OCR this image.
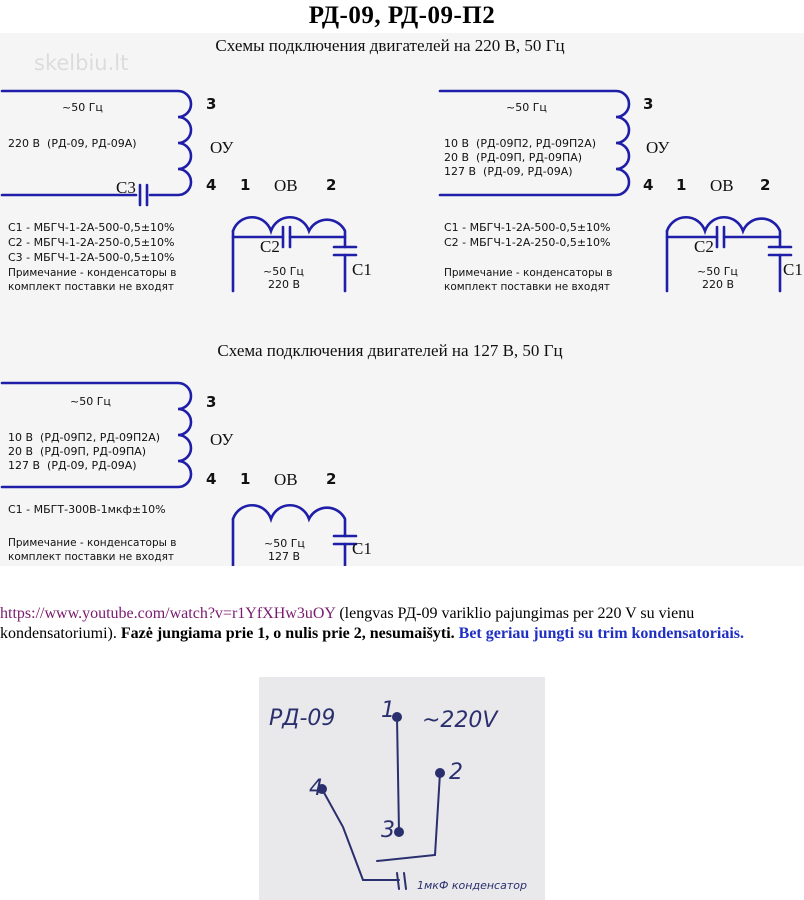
РД-09, РД-09-П2
skelbiu.lt
Схемы подключения двигателей на 220 В, 50 Гц
~50 Гц
220 В  (РД-09, РД-09А)
С3
3
ОУ
4 1 ОВ 2
С2
С1
~50 Гц
220 В
С1 - МБГЧ-1-2А-500-0,5±10%
С2 - МБГЧ-1-2А-250-0,5±10%
С3 - МБГЧ-1-2А-500-0,5±10%
Примечание - конденсаторы в
комплект поставки не входят
~50 Гц
10 В  (РД-09П2, РД-09П2А)
20 В  (РД-09П, РД-09ПА)
127 В  (РД-09, РД-09А)
3
ОУ
4 1 ОВ 2
С2
С1
~50 Гц
220 В
С1 - МБГЧ-1-2А-500-0,5±10%
С2 - МБГЧ-1-2А-250-0,5±10%
Примечание - конденсаторы в
комплект поставки не входят
Схема подключения двигателей на 127 В, 50 Гц
~50 Гц
10 В  (РД-09П2, РД-09П2А)
20 В  (РД-09П, РД-09ПА)
127 В  (РД-09, РД-09А)
3
ОУ
4 1 ОВ 2
С1 - МБГТ-300В-1мкф±10%
Примечание - конденсаторы в
комплект поставки не входят
~50 Гц
127 В	С1
https://www.youtube.com/watch?v=r1YfXHw3uOY (lengvas РД-09 variklio pajungimas per 220 V su vienu kondensatoriumi). Fazė jungiama prie 1, o nulis prie 2, nesumaišyti. Bet geriau jungti su trim kondensatoriais.
РД-09 1 ~220V
2
3
4
1мкФ конденсатор
